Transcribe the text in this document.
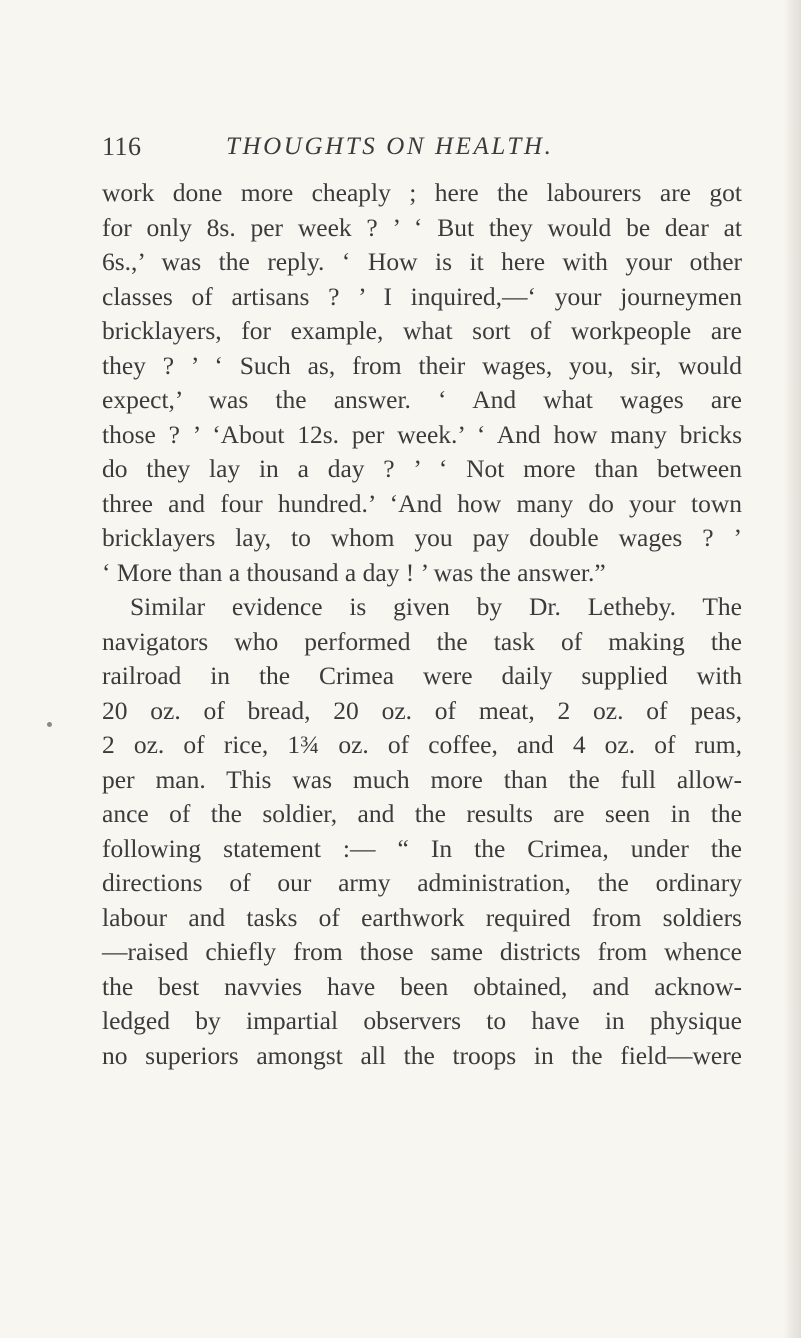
116	THOUGHTS ON HEALTH.
work done more cheaply ; here the labourers are got
for only 8s. per week ? ’ ‘ But they would be dear at
6s.,’ was the reply. ‘ How is it here with your other
classes of artisans ? ’ I inquired,—‘ your journeymen
bricklayers, for example, what sort of workpeople are
they ? ’ ‘ Such as, from their wages, you, sir, would
expect,’ was the answer. ‘ And what wages are
those ? ’ ‘About 12s. per week.’ ‘ And how many bricks
do they lay in a day ? ’ ‘ Not more than between
three and four hundred.’ ‘And how many do your town
bricklayers lay, to whom you pay double wages ? ’
‘ More than a thousand a day ! ’ was the answer.”
Similar evidence is given by Dr. Letheby. The
navigators who performed the task of making the
railroad in the Crimea were daily supplied with
20 oz. of bread, 20 oz. of meat, 2 oz. of peas,
2 oz. of rice, 1¾ oz. of coffee, and 4 oz. of rum,
per man. This was much more than the full allow-
ance of the soldier, and the results are seen in the
following statement :— “ In the Crimea, under the
directions of our army administration, the ordinary
labour and tasks of earthwork required from soldiers
—raised chiefly from those same districts from whence
the best navvies have been obtained, and acknow-
ledged by impartial observers to have in physique
no superiors amongst all the troops in the field—were
